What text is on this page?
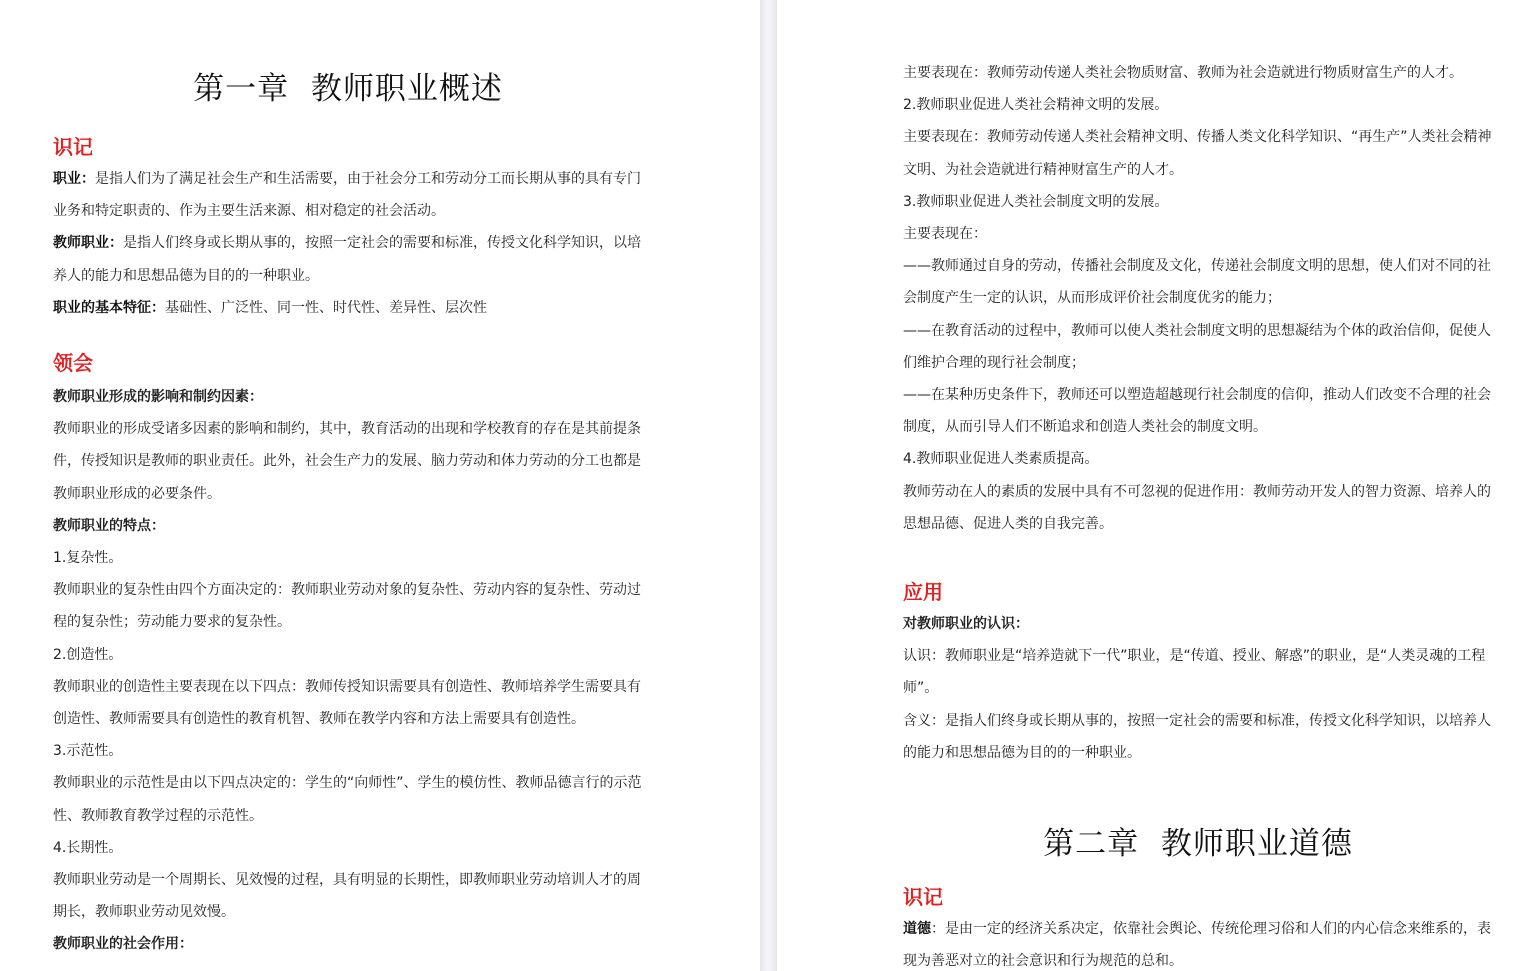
第一章  教师职业概述
识记

职业：是指人们为了满足社会生产和生活需要，由于社会分工和劳动分工而长期从事的具有专门业务和特定职责的、作为主要生活来源、相对稳定的社会活动。

教师职业：是指人们终身或长期从事的，按照一定社会的需要和标准，传授文化科学知识，以培养人的能力和思想品德为目的的一种职业。

职业的基本特征：基础性、广泛性、同一性、时代性、差异性、层次性

领会

教师职业形成的影响和制约因素：

教师职业的形成受诸多因素的影响和制约，其中，教育活动的出现和学校教育的存在是其前提条件，传授知识是教师的职业责任。此外，社会生产力的发展、脑力劳动和体力劳动的分工也都是教师职业形成的必要条件。

教师职业的特点：

1.复杂性。

教师职业的复杂性由四个方面决定的：教师职业劳动对象的复杂性、劳动内容的复杂性、劳动过程的复杂性；劳动能力要求的复杂性。

2.创造性。

教师职业的创造性主要表现在以下四点：教师传授知识需要具有创造性、教师培养学生需要具有创造性、教师需要具有创造性的教育机智、教师在教学内容和方法上需要具有创造性。

3.示范性。

教师职业的示范性是由以下四点决定的：学生的“向师性”、学生的模仿性、教师品德言行的示范性、教师教育教学过程的示范性。

4.长期性。

教师职业劳动是一个周期长、见效慢的过程，具有明显的长期性，即教师职业劳动培训人才的周期长，教师职业劳动见效慢。

教师职业的社会作用：

主要表现在：教师劳动传递人类社会物质财富、教师为社会造就进行物质财富生产的人才。

2.教师职业促进人类社会精神文明的发展。

主要表现在：教师劳动传递人类社会精神文明、传播人类文化科学知识、“再生产”人类社会精神文明、为社会造就进行精神财富生产的人才。

3.教师职业促进人类社会制度文明的发展。

主要表现在：

——教师通过自身的劳动，传播社会制度及文化，传递社会制度文明的思想，使人们对不同的社会制度产生一定的认识，从而形成评价社会制度优劣的能力；

——在教育活动的过程中，教师可以使人类社会制度文明的思想凝结为个体的政治信仰，促使人们维护合理的现行社会制度；

——在某种历史条件下，教师还可以塑造超越现行社会制度的信仰，推动人们改变不合理的社会制度，从而引导人们不断追求和创造人类社会的制度文明。

4.教师职业促进人类素质提高。

教师劳动在人的素质的发展中具有不可忽视的促进作用：教师劳动开发人的智力资源、培养人的思想品德、促进人类的自我完善。

应用

对教师职业的认识：

认识：教师职业是“培养造就下一代”职业，是“传道、授业、解惑”的职业，是“人类灵魂的工程师”。

含义：是指人们终身或长期从事的，按照一定社会的需要和标准，传授文化科学知识，以培养人的能力和思想品德为目的的一种职业。

第二章  教师职业道德
识记

道德：是由一定的经济关系决定，依靠社会舆论、传统伦理习俗和人们的内心信念来维系的，表现为善恶对立的社会意识和行为规范的总和。
